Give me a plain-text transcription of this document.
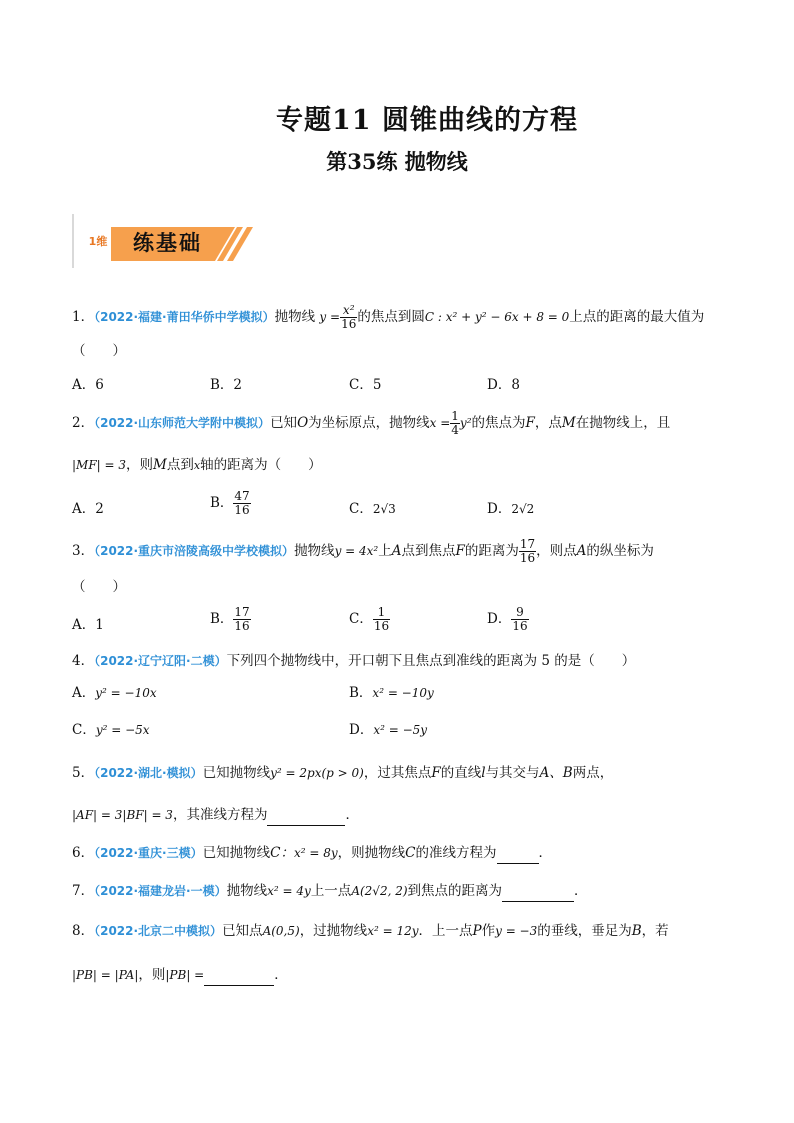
专题11 圆锥曲线的方程
第35练 抛物线
1维 练基础
1．（2022·福建·莆田华侨中学模拟）抛物线 $y = \frac{\text{x²}}{16}$ 的焦点到圆C : x² + y² − 6x + 8 = 0上点的距离的最大值为
（　　）
A．6	B．2	C．5	D．8
2．（2022·山东师范大学附中模拟）已知O为坐标原点，抛物线$x = \frac{1}{4} y^2$的焦点为F，点M在抛物线上，且
|MF| = 3，则M点到x轴的距离为（　　）
A．2	B． $\frac{47}{16}$	C．2√3	D．2√2
3．（2022·重庆市涪陵高级中学校模拟）抛物线y = 4x²上A点到焦点F的距离为 $\frac{17}{16}$ ，则点A的纵坐标为
（　　）
A．1	B． $\frac{17}{16}$	C． $\frac{1}{16}$	D． $\frac{9}{16}$
4．（2022·辽宁辽阳·二模）下列四个抛物线中，开口朝下且焦点到准线的距离为 5 的是（　　）
A．y² = −10x	B．x² = −10y
C．y² = −5x	D．x² = −5y
5．（2022·湖北·模拟）已知抛物线y² = 2px(p > 0)，过其焦点F的直线l与其交与A、B两点，
|AF| = 3|BF| = 3，其准线方程为	．
6．（2022·重庆·三模）已知抛物线C：x² = 8y，则抛物线C的准线方程为	．
7．（2022·福建龙岩·一模）抛物线x² = 4y上一点A(2√2, 2)到焦点的距离为	．
8．（2022·北京二中模拟）已知点A(0,5)，过抛物线x² = 12y．上一点P作y = −3的垂线，垂足为B，若
|PB| = |PA|，则|PB| =	．
